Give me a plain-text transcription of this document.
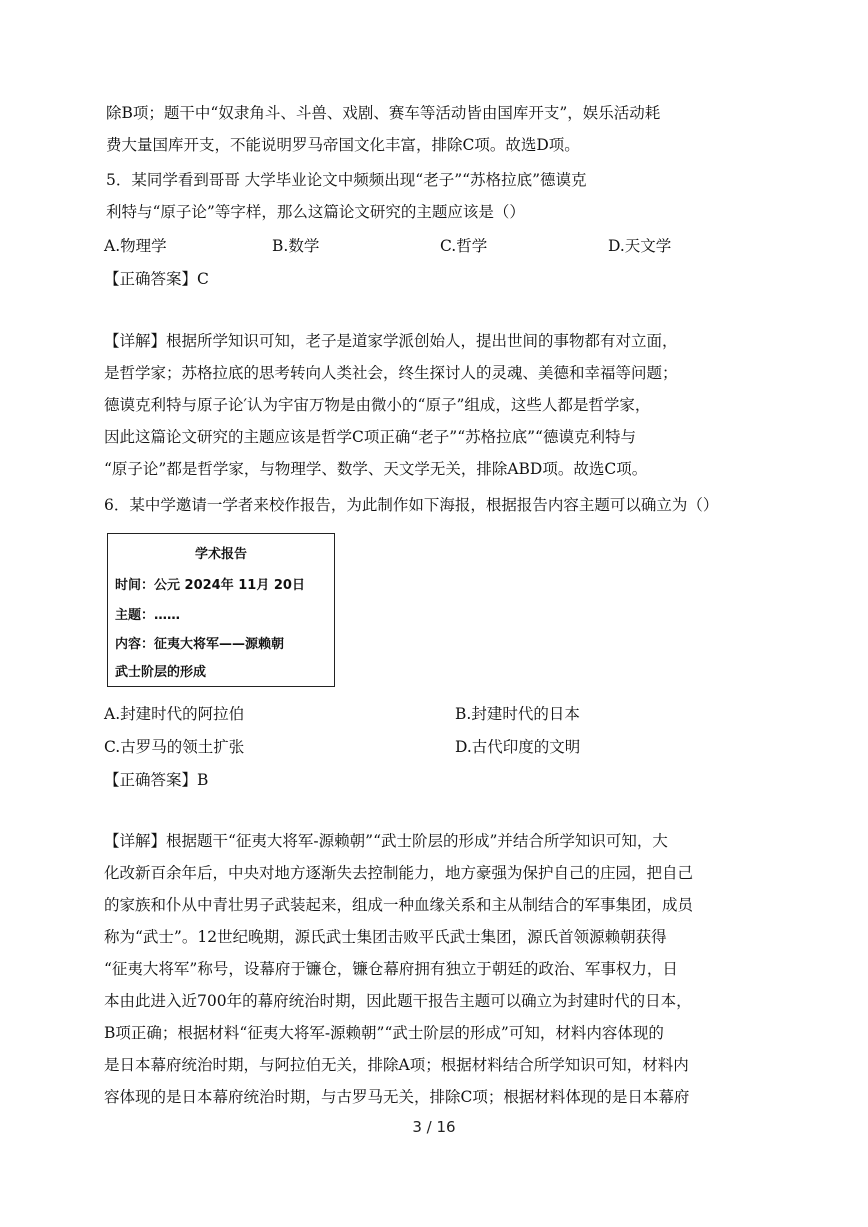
除B项；题干中“奴隶角斗、斗兽、戏剧、赛车等活动皆由国库开支”，娱乐活动耗
费大量国库开支，不能说明罗马帝国文化丰富，排除C项。故选D项。
5．某同学看到哥哥 大学毕业论文中频频出现“老子”“苏格拉底”德谟克
利特与“原子论”等字样，那么这篇论文研究的主题应该是（）
A.物理学	B.数学	C.哲学	D.天文学
【正确答案】C
【详解】根据所学知识可知，老子是道家学派创始人，提出世间的事物都有对立面，
是哲学家；苏格拉底的思考转向人类社会，终生探讨人的灵魂、美德和幸福等问题；
德谟克利特与原子论′认为宇宙万物是由微小的“原子”组成，这些人都是哲学家，
因此这篇论文研究的主题应该是哲学C项正确“老子”“苏格拉底”“德谟克利特与
“原子论”都是哲学家，与物理学、数学、天文学无关，排除ABD项。故选C项。
6．某中学邀请一学者来校作报告，为此制作如下海报，根据报告内容主题可以确立为（）
学术报告
时间：公元 2024年 11月 20日
主题：……
内容：征夷大将军——源赖朝
武士阶层的形成
A.封建时代的阿拉伯	B.封建时代的日本
C.古罗马的领土扩张	D.古代印度的文明
【正确答案】B
【详解】根据题干“征夷大将军-源赖朝”“武士阶层的形成”并结合所学知识可知，大
化改新百余年后，中央对地方逐渐失去控制能力，地方豪强为保护自己的庄园，把自己
的家族和仆从中青壮男子武装起来，组成一种血缘关系和主从制结合的军事集团，成员
称为“武士”。12世纪晚期，源氏武士集团击败平氏武士集团，源氏首领源赖朝获得
“征夷大将军”称号，设幕府于镰仓，镰仓幕府拥有独立于朝廷的政治、军事权力，日
本由此进入近700年的幕府统治时期，因此题干报告主题可以确立为封建时代的日本，
B项正确；根据材料“征夷大将军-源赖朝”“武士阶层的形成”可知，材料内容体现的
是日本幕府统治时期，与阿拉伯无关，排除A项；根据材料结合所学知识可知，材料内
容体现的是日本幕府统治时期，与古罗马无关，排除C项；根据材料体现的是日本幕府
3 / 16
